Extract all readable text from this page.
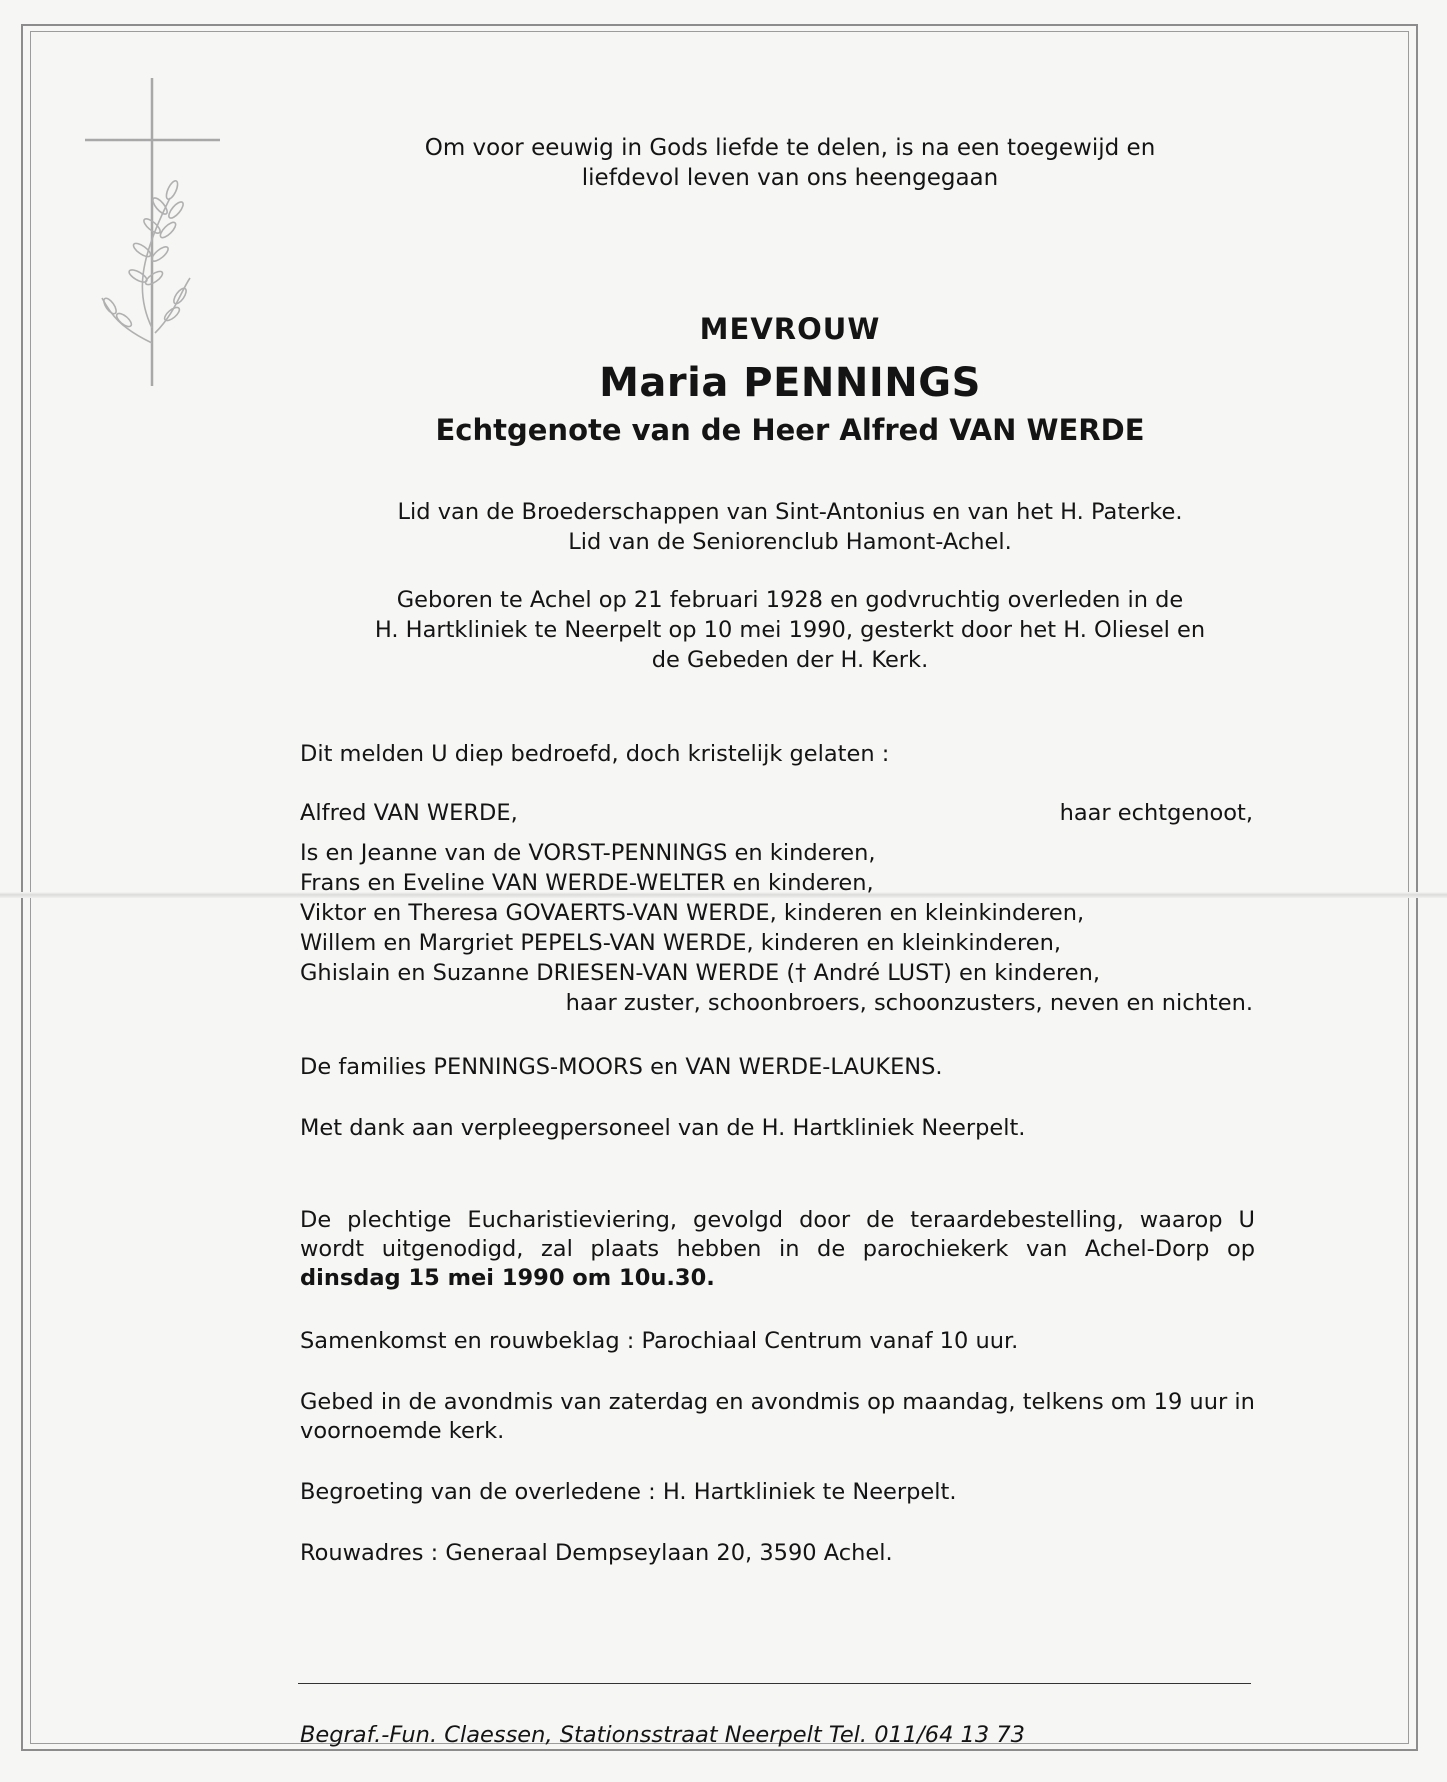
Om voor eeuwig in Gods liefde te delen, is na een toegewijd en
liefdevol leven van ons heengegaan
MEVROUW
Maria PENNINGS
Echtgenote van de Heer Alfred VAN WERDE
Lid van de Broederschappen van Sint-Antonius en van het H. Paterke.
Lid van de Seniorenclub Hamont-Achel.
Geboren te Achel op 21 februari 1928 en godvruchtig overleden in de
H. Hartkliniek te Neerpelt op 10 mei 1990, gesterkt door het H. Oliesel en
de Gebeden der H. Kerk.
Dit melden U diep bedroefd, doch kristelijk gelaten :
Alfred VAN WERDE,	haar echtgenoot,
Is en Jeanne van de VORST-PENNINGS en kinderen,
Frans en Eveline VAN WERDE-WELTER en kinderen,
Viktor en Theresa GOVAERTS-VAN WERDE, kinderen en kleinkinderen,
Willem en Margriet PEPELS-VAN WERDE, kinderen en kleinkinderen,
Ghislain en Suzanne DRIESEN-VAN WERDE († André LUST) en kinderen,
haar zuster, schoonbroers, schoonzusters, neven en nichten.
De families PENNINGS-MOORS en VAN WERDE-LAUKENS.
Met dank aan verpleegpersoneel van de H. Hartkliniek Neerpelt.
De plechtige Eucharistieviering, gevolgd door de teraardebestelling, waarop U wordt uitgenodigd, zal plaats hebben in de parochiekerk van Achel-Dorp op dinsdag 15 mei 1990 om 10u.30.
Samenkomst en rouwbeklag : Parochiaal Centrum vanaf 10 uur.
Gebed in de avondmis van zaterdag en avondmis op maandag, telkens om 19 uur in voornoemde kerk.
Begroeting van de overledene : H. Hartkliniek te Neerpelt.
Rouwadres : Generaal Dempseylaan 20, 3590 Achel.
Begraf.-Fun. Claessen, Stationsstraat Neerpelt Tel. 011/64 13 73
